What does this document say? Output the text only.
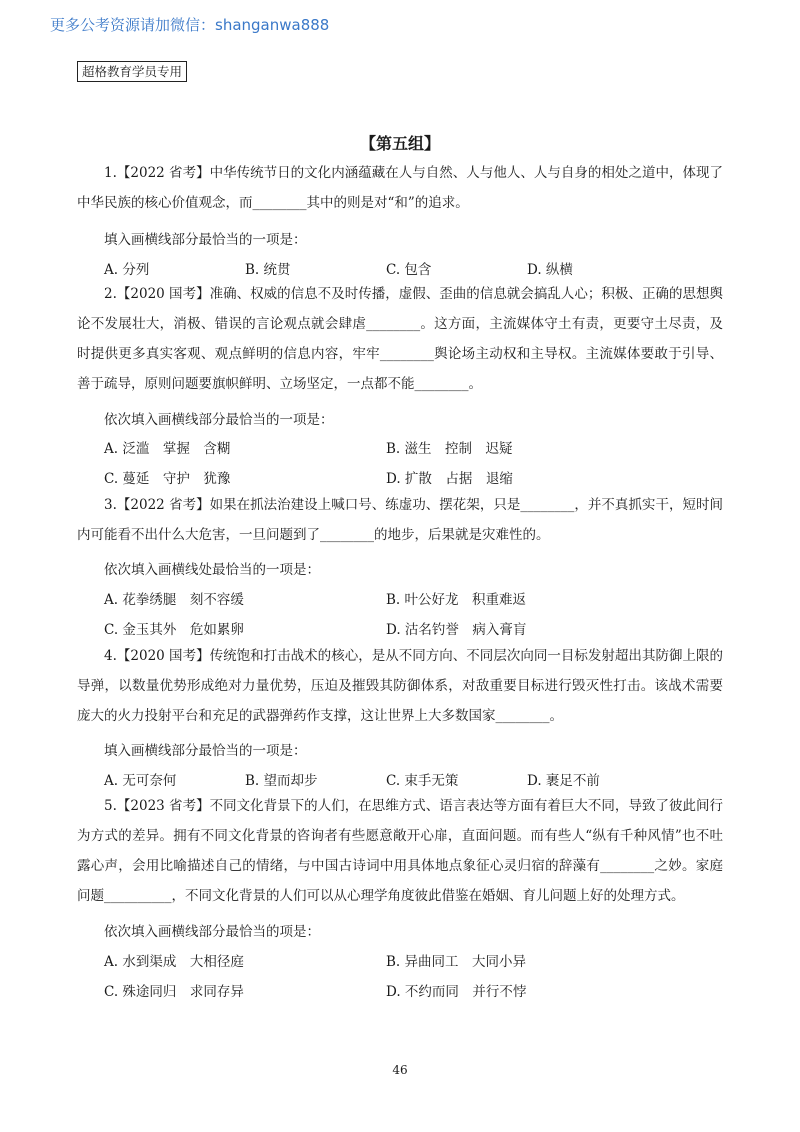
更多公考资源请加微信：shanganwa888
超格教育学员专用
【第五组】

1.【2022 省考】中华传统节日的文化内涵蕴藏在人与自然、人与他人、人与自身的相处之道中，体现了中华民族的核心价值观念，而________其中的则是对“和”的追求。

填入画横线部分最恰当的一项是：
A. 分列	B. 统贯	C. 包含	D. 纵横

2.【2020 国考】准确、权威的信息不及时传播，虚假、歪曲的信息就会搞乱人心；积极、正确的思想舆论不发展壮大，消极、错误的言论观点就会肆虐________。这方面，主流媒体守土有责，更要守土尽责，及时提供更多真实客观、观点鲜明的信息内容，牢牢________舆论场主动权和主导权。主流媒体要敢于引导、善于疏导，原则问题要旗帜鲜明、立场坚定，一点都不能________。

依次填入画横线部分最恰当的一项是：
A. 泛滥　掌握　含糊	B. 滋生　控制　迟疑
C. 蔓延　守护　犹豫	D. 扩散　占据　退缩

3.【2022 省考】如果在抓法治建设上喊口号、练虚功、摆花架，只是________，并不真抓实干，短时间内可能看不出什么大危害，一旦问题到了________的地步，后果就是灾难性的。

依次填入画横线处最恰当的一项是：
A. 花拳绣腿　刻不容缓	B. 叶公好龙　积重难返
C. 金玉其外　危如累卵	D. 沽名钓誉　病入膏肓

4.【2020 国考】传统饱和打击战术的核心，是从不同方向、不同层次向同一目标发射超出其防御上限的导弹，以数量优势形成绝对力量优势，压迫及摧毁其防御体系，对敌重要目标进行毁灭性打击。该战术需要庞大的火力投射平台和充足的武器弹药作支撑，这让世界上大多数国家________。

填入画横线部分最恰当的一项是：
A. 无可奈何	B. 望而却步	C. 束手无策	D. 裹足不前

5.【2023 省考】不同文化背景下的人们，在思维方式、语言表达等方面有着巨大不同，导致了彼此间行为方式的差异。拥有不同文化背景的咨询者有些愿意敞开心扉，直面问题。而有些人“纵有千种风情”也不吐露心声，会用比喻描述自己的情绪，与中国古诗词中用具体地点象征心灵归宿的辞藻有________之妙。家庭问题__________，不同文化背景的人们可以从心理学角度彼此借鉴在婚姻、育儿问题上好的处理方式。

依次填入画横线部分最恰当的项是：
A. 水到渠成　大相径庭	B. 异曲同工　大同小异
C. 殊途同归　求同存异	D. 不约而同　并行不悖
46
